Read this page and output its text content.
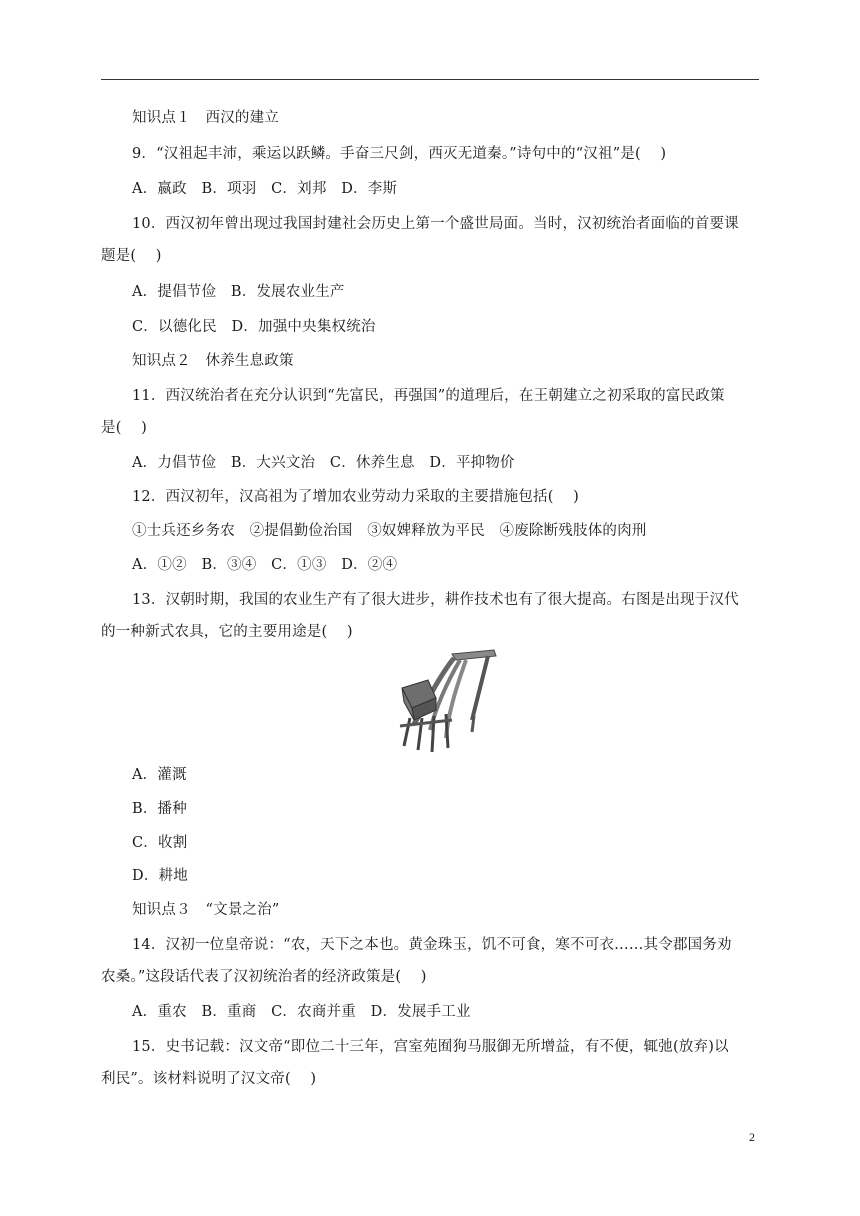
知识点１　西汉的建立
9．“汉祖起丰沛，乘运以跃鳞。手奋三尺剑，西灭无道秦。”诗句中的“汉祖”是(　 )
A．嬴政　B．项羽　C．刘邦　D．李斯
10．西汉初年曾出现过我国封建社会历史上第一个盛世局面。当时，汉初统治者面临的首要课
题是(　 )
A．提倡节俭　B．发展农业生产
C．以德化民　D．加强中央集权统治
知识点２　休养生息政策
11．西汉统治者在充分认识到“先富民，再强国”的道理后，在王朝建立之初采取的富民政策
是(　 )
A．力倡节俭　B．大兴文治　C．休养生息　D．平抑物价
12．西汉初年，汉高祖为了增加农业劳动力采取的主要措施包括(　 )
①士兵还乡务农　②提倡勤俭治国　③奴婢释放为平民　④废除断残肢体的肉刑
A．①②　B．③④　C．①③　D．②④
13．汉朝时期，我国的农业生产有了很大进步，耕作技术也有了很大提高。右图是出现于汉代
的一种新式农具，它的主要用途是(　 )
A．灌溉
B．播种
C．收割
D．耕地
知识点３　“文景之治”
14．汉初一位皇帝说：“农，天下之本也。黄金珠玉，饥不可食，寒不可衣……其令郡国务劝
农桑。”这段话代表了汉初统治者的经济政策是(　 )
A．重农　B．重商　C．农商并重　D．发展手工业
15．史书记载：汉文帝“即位二十三年，宫室苑囿狗马服御无所增益，有不便，辄弛(放弃)以
利民”。该材料说明了汉文帝(　 )
2
